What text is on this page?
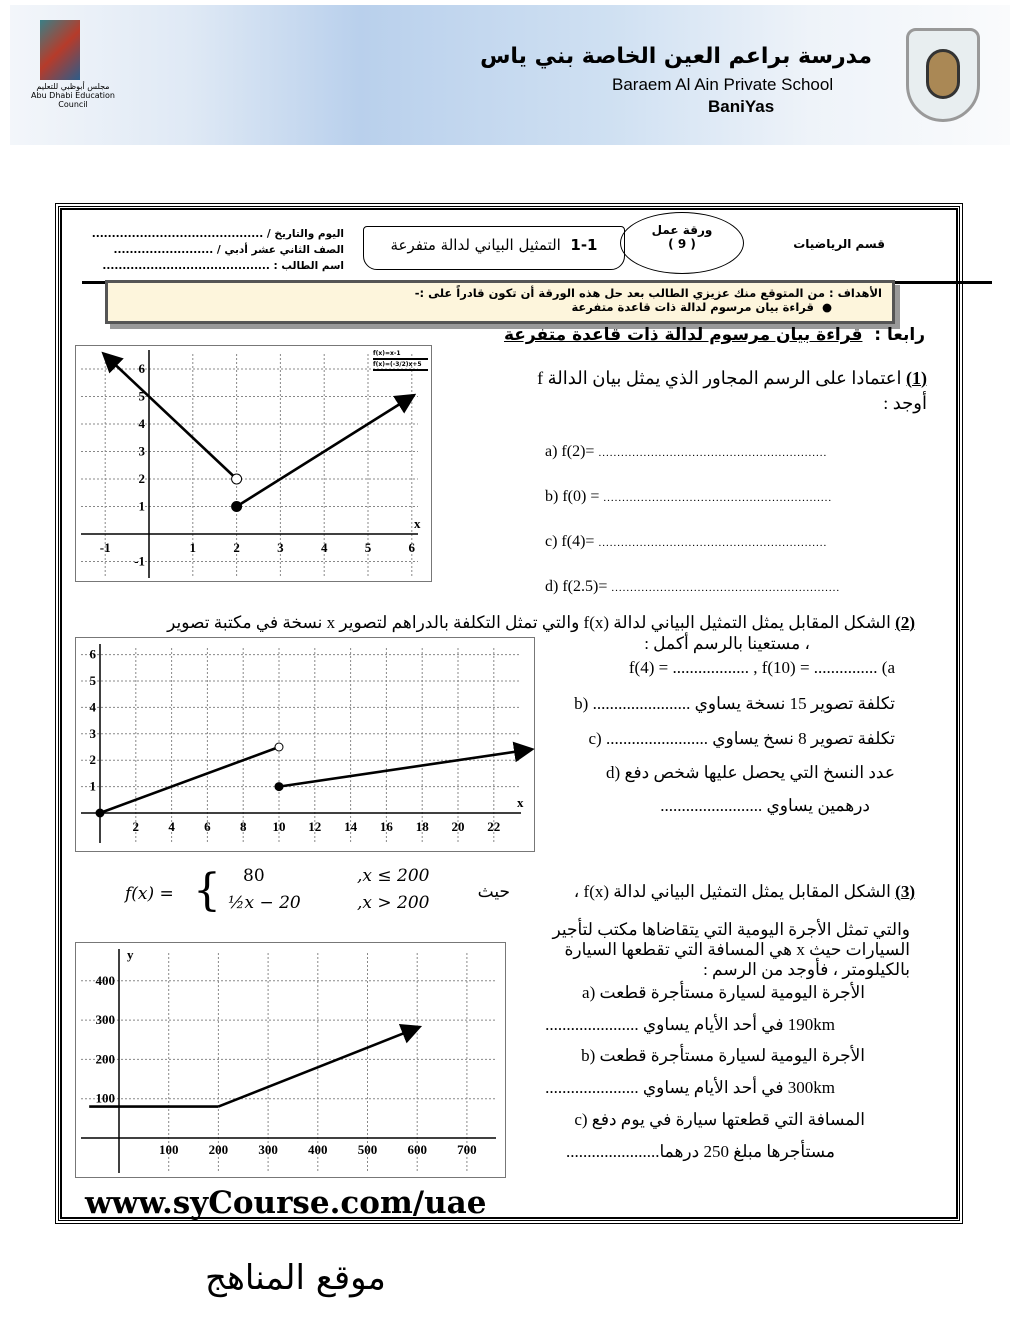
مجلس أبوظبي للتعليم
Abu Dhabi Education Council
مدرسة براعم العين الخاصة بني ياس
Baraem Al Ain Private School
BaniYas
قسم الرياضيات
ورقة عمل
( 9 )
1-1  التمثيل البياني لدالة متفرعة
اليوم والتاريخ / ...........................................
الصف الثاني عشر أدبي / .........................
اسم الطالب : ..........................................
الأهداف : من المتوقع منك عزيزي الطالب بعد حل هذه الورقة أن تكون قادراً على :-
●  قراءة بيان مرسوم لدالة ذات قاعدة متفرعة
رابعا :  قراءة بيان مرسوم لدالة ذات قاعدة متفرعة
-1	1	2	3	4	5	6
-1
1
2
3
4
5
6
x
f(x)=x-1
f(x)=(-3/2)x+5
(1) اعتمادا على الرسم المجاور الذي يمثل بيان الدالة f
أوجد :
a) f(2)= .............................................................
b) f(0) = .............................................................
c) f(4)= .............................................................
d) f(2.5)= .............................................................
(2) الشكل المقابل يمثل التمثيل البياني لدالة f(x) والتي تمثل التكلفة بالدراهم لتصوير x نسخة في مكتبة تصوير
، مستعينا بالرسم أكمل :
2 4 6 8 10 12 14 16 18 20 22
1
2
3
4
5
6
x
f(4) = .................. , f(10) = ............... (a
تكلفة تصوير 15 نسخة يساوي ....................... (b
تكلفة تصوير 8 نسخ يساوي ........................ (c
عدد النسخ التي يحصل عليها شخص دفع (d
درهمين يساوي ........................
f(x) = { 80	,x ≤ 200
½x − 20	,x > 200
حيث	(3) الشكل المقابل يمثل التمثيل البياني لدالة f(x) ،
والتي تمثل الأجرة اليومية التي يتقاضاها مكتب لتأجير
السيارات حيث x هي المسافة التي تقطعها السيارة
بالكيلومتر ، فأوجد من الرسم :
الأجرة اليومية لسيارة مستأجرة قطعت (a
190km في أحد الأيام يساوي ......................
الأجرة اليومية لسيارة مستأجرة قطعت (b
300km في أحد الأيام يساوي ......................
المسافة التي قطعتها سيارة في يوم دفع (c
مستأجرها مبلغ 250 درهما......................
100 200 300 400 500 600 700
100
200
300
400
y
www.syCourse.com/uae
موقع المناهج
